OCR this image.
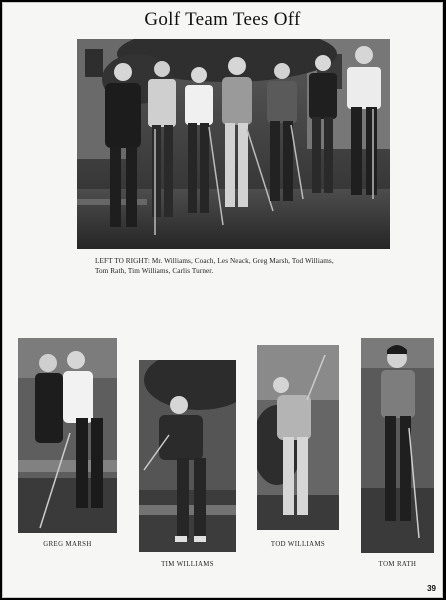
Golf Team Tees Off
LEFT TO RIGHT: Mr. Williams, Coach, Les Neack, Greg Marsh, Tod Williams,
Tom Rath, Tim Williams, Carlis Turner.
GREG MARSH
TIM WILLIAMS
TOD WILLIAMS
TOM RATH
39
